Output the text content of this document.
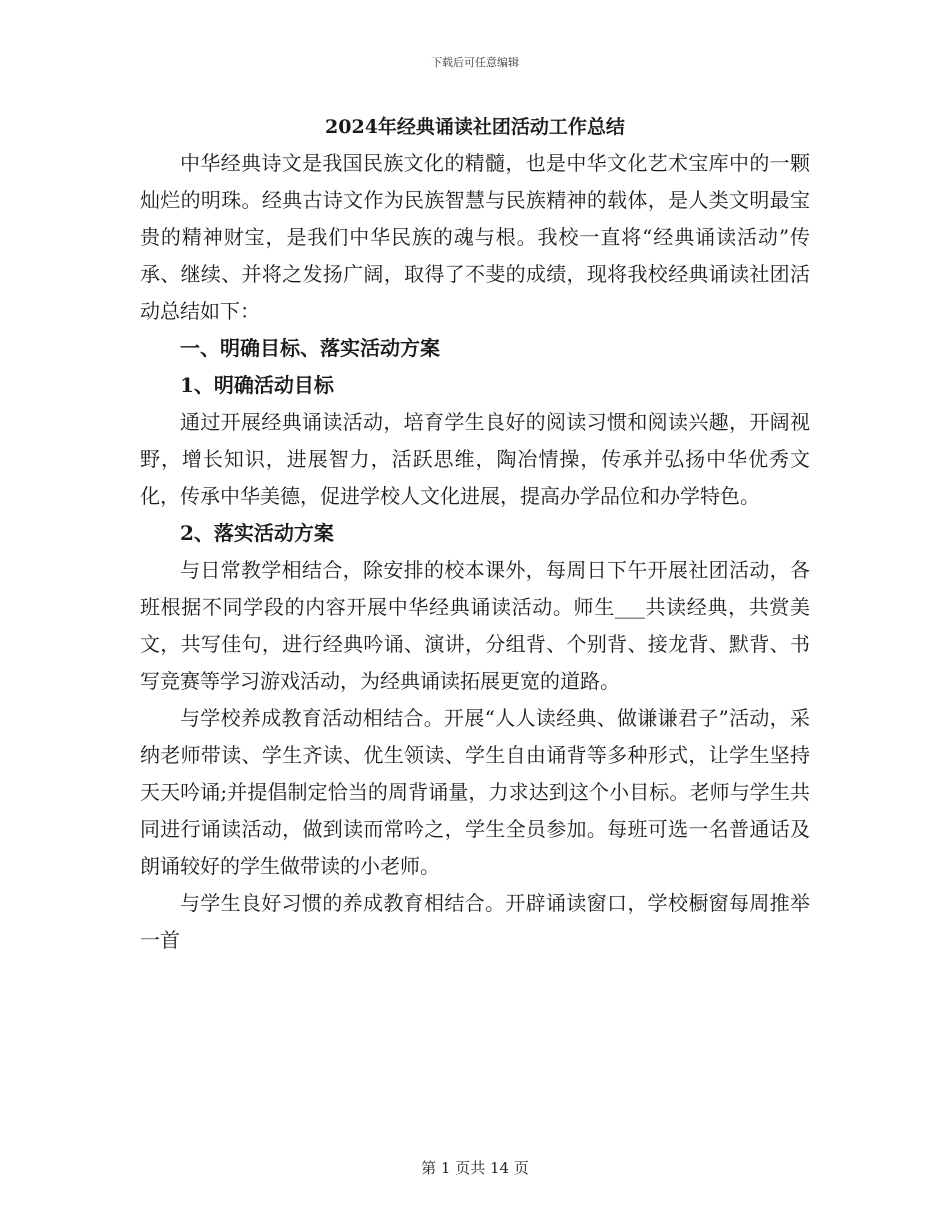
下载后可任意编辑
2024年经典诵读社团活动工作总结

中华经典诗文是我国民族文化的精髓，也是中华文化艺术宝库中的一颗灿烂的明珠。经典古诗文作为民族智慧与民族精神的载体，是人类文明最宝贵的精神财宝，是我们中华民族的魂与根。我校一直将“经典诵读活动”传承、继续、并将之发扬广阔，取得了不斐的成绩，现将我校经典诵读社团活动总结如下：

一、明确目标、落实活动方案

1、明确活动目标

通过开展经典诵读活动，培育学生良好的阅读习惯和阅读兴趣，开阔视野，增长知识，进展智力，活跃思维，陶冶情操，传承并弘扬中华优秀文化，传承中华美德，促进学校人文化进展，提高办学品位和办学特色。

2、落实活动方案

与日常教学相结合，除安排的校本课外，每周日下午开展社团活动，各班根据不同学段的内容开展中华经典诵读活动。师生___共读经典，共赏美文，共写佳句，进行经典吟诵、演讲，分组背、个别背、接龙背、默背、书写竞赛等学习游戏活动，为经典诵读拓展更宽的道路。

与学校养成教育活动相结合。开展“人人读经典、做谦谦君子”活动，采纳老师带读、学生齐读、优生领读、学生自由诵背等多种形式，让学生坚持天天吟诵;并提倡制定恰当的周背诵量，力求达到这个小目标。老师与学生共同进行诵读活动，做到读而常吟之，学生全员参加。每班可选一名普通话及朗诵较好的学生做带读的小老师。

与学生良好习惯的养成教育相结合。开辟诵读窗口，学校橱窗每周推举一首

第 1 页共 14 页
